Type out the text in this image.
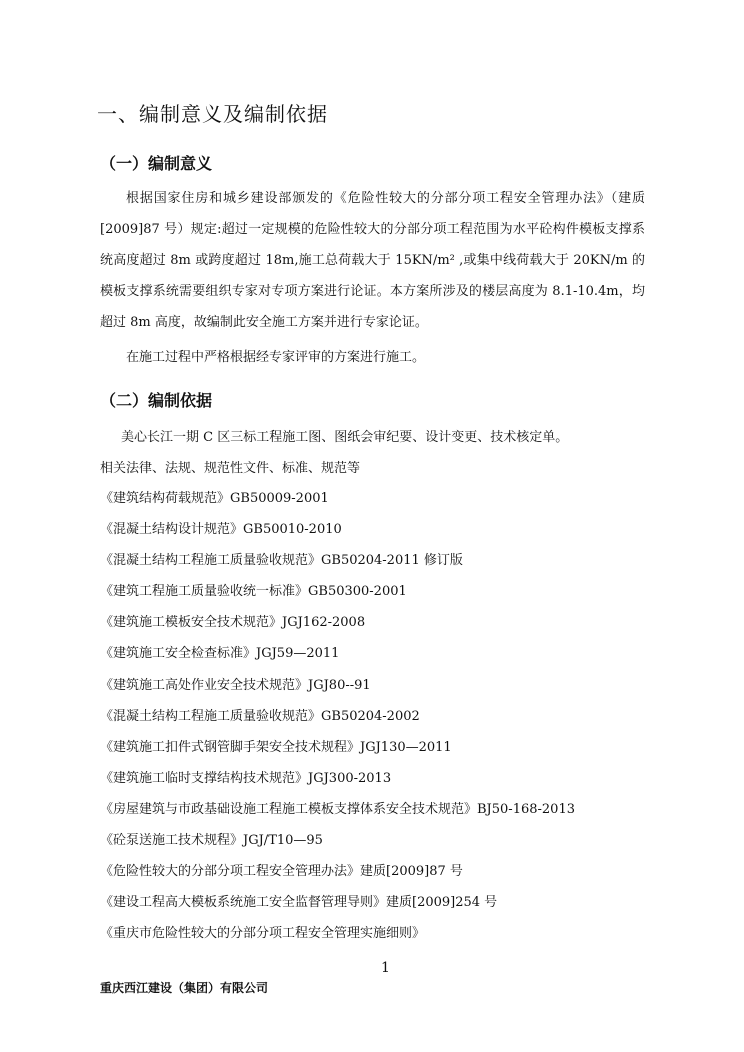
一、编制意义及编制依据
（一）编制意义

根据国家住房和城乡建设部颁发的《危险性较大的分部分项工程安全管理办法》（建质[2009]87 号）规定:超过一定规模的危险性较大的分部分项工程范围为水平砼构件模板支撑系统高度超过 8m 或跨度超过 18m,施工总荷载大于 15KN/m² ,或集中线荷载大于 20KN/m 的模板支撑系统需要组织专家对专项方案进行论证。本方案所涉及的楼层高度为 8.1-10.4m，均超过 8m 高度，故编制此安全施工方案并进行专家论证。

在施工过程中严格根据经专家评审的方案进行施工。

（二）编制依据
美心长江一期 C 区三标工程施工图、图纸会审纪要、设计变更、技术核定单。
相关法律、法规、规范性文件、标准、规范等
《建筑结构荷载规范》GB50009-2001
《混凝土结构设计规范》GB50010-2010
《混凝土结构工程施工质量验收规范》GB50204-2011 修订版
《建筑工程施工质量验收统一标准》GB50300-2001
《建筑施工模板安全技术规范》JGJ162-2008
《建筑施工安全检查标准》JGJ59—2011
《建筑施工高处作业安全技术规范》JGJ80--91
《混凝土结构工程施工质量验收规范》GB50204-2002
《建筑施工扣件式钢管脚手架安全技术规程》JGJ130—2011
《建筑施工临时支撑结构技术规范》JGJ300-2013
《房屋建筑与市政基础设施工程施工模板支撑体系安全技术规范》BJ50-168-2013
《砼泵送施工技术规程》JGJ/T10—95
《危险性较大的分部分项工程安全管理办法》建质[2009]87 号
《建设工程高大模板系统施工安全监督管理导则》建质[2009]254 号
《重庆市危险性较大的分部分项工程安全管理实施细则》
1
重庆西江建设（集团）有限公司
